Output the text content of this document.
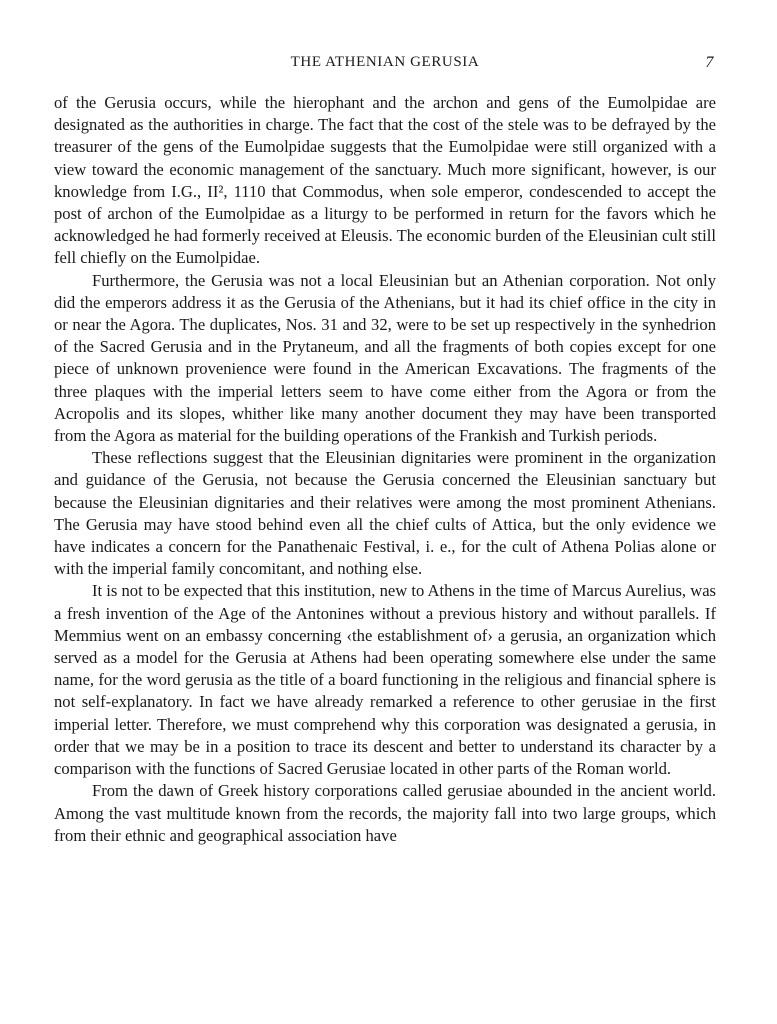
THE ATHENIAN GERUSIA	7

of the Gerusia occurs, while the hierophant and the archon and gens of the Eumolpidae are designated as the authorities in charge. The fact that the cost of the stele was to be defrayed by the treasurer of the gens of the Eumolpidae suggests that the Eumolpidae were still organized with a view toward the economic management of the sanctuary. Much more significant, however, is our knowledge from I.G., II², 1110 that Commodus, when sole emperor, condescended to accept the post of archon of the Eumolpidae as a liturgy to be performed in return for the favors which he acknowledged he had formerly received at Eleusis. The economic burden of the Eleusinian cult still fell chiefly on the Eumolpidae.

Furthermore, the Gerusia was not a local Eleusinian but an Athenian corporation. Not only did the emperors address it as the Gerusia of the Athenians, but it had its chief office in the city in or near the Agora. The duplicates, Nos. 31 and 32, were to be set up respectively in the synhedrion of the Sacred Gerusia and in the Prytaneum, and all the fragments of both copies except for one piece of unknown provenience were found in the American Excavations. The fragments of the three plaques with the imperial letters seem to have come either from the Agora or from the Acropolis and its slopes, whither like many another document they may have been transported from the Agora as material for the building operations of the Frankish and Turkish periods.

These reflections suggest that the Eleusinian dignitaries were prominent in the organization and guidance of the Gerusia, not because the Gerusia concerned the Eleusinian sanctuary but because the Eleusinian dignitaries and their relatives were among the most prominent Athenians. The Gerusia may have stood behind even all the chief cults of Attica, but the only evidence we have indicates a concern for the Panathenaic Festival, i. e., for the cult of Athena Polias alone or with the imperial family concomitant, and nothing else.

It is not to be expected that this institution, new to Athens in the time of Marcus Aurelius, was a fresh invention of the Age of the Antonines without a previous history and without parallels. If Memmius went on an embassy concerning ‹the establishment of› a gerusia, an organization which served as a model for the Gerusia at Athens had been operating somewhere else under the same name, for the word gerusia as the title of a board functioning in the religious and financial sphere is not self-explanatory. In fact we have already remarked a reference to other gerusiae in the first imperial letter. Therefore, we must comprehend why this corporation was designated a gerusia, in order that we may be in a position to trace its descent and better to understand its character by a comparison with the functions of Sacred Gerusiae located in other parts of the Roman world.

From the dawn of Greek history corporations called gerusiae abounded in the ancient world. Among the vast multitude known from the records, the majority fall into two large groups, which from their ethnic and geographical association have
